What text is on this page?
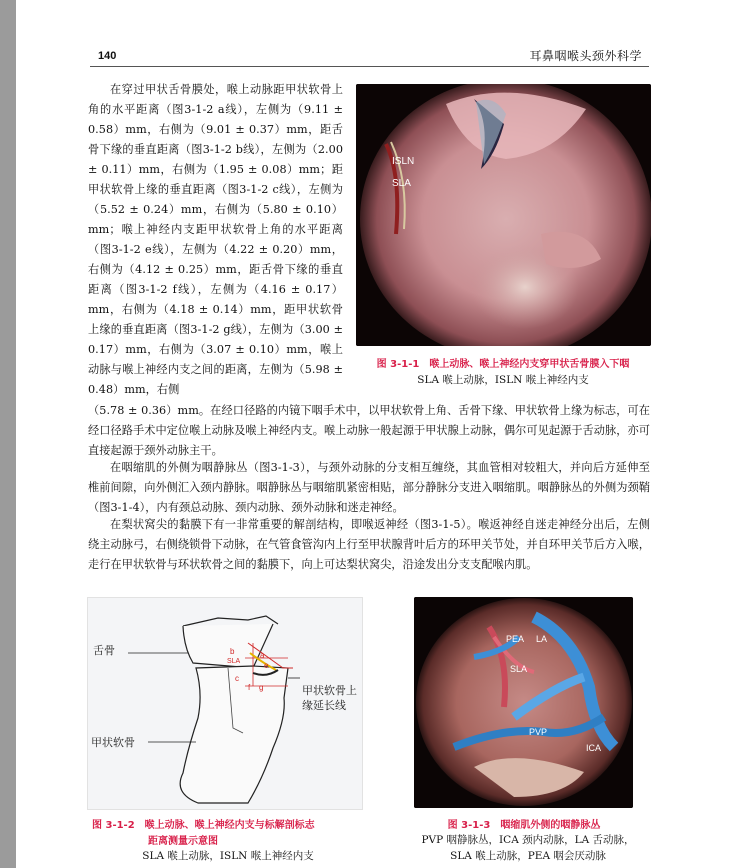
140	耳鼻咽喉头颈外科学

在穿过甲状舌骨膜处，喉上动脉距甲状软骨上角的水平距离（图3-1-2 a线），左侧为（9.11 ± 0.58）mm，右侧为（9.01 ± 0.37）mm，距舌骨下缘的垂直距离（图3-1-2 b线），左侧为（2.00 ± 0.11）mm，右侧为（1.95 ± 0.08）mm；距甲状软骨上缘的垂直距离（图3-1-2 c线），左侧为（5.52 ± 0.24）mm，右侧为（5.80 ± 0.10）mm；喉上神经内支距甲状软骨上角的水平距离（图3-1-2 e线），左侧为（4.22 ± 0.20）mm，右侧为（4.12 ± 0.25）mm，距舌骨下缘的垂直距离（图3-1-2 f线），左侧为（4.16 ± 0.17）mm，右侧为（4.18 ± 0.14）mm，距甲状软骨上缘的垂直距离（图3-1-2 g线），左侧为（3.00 ± 0.17）mm，右侧为（3.07 ± 0.10）mm，喉上动脉与喉上神经内支之间的距离，左侧为（5.98 ± 0.48）mm，右侧

ISLN
SLA
图 3-1-1　喉上动脉、喉上神经内支穿甲状舌骨膜入下咽
SLA 喉上动脉，ISLN 喉上神经内支

（5.78 ± 0.36）mm。在经口径路的内镜下咽手术中，以甲状软骨上角、舌骨下缘、甲状软骨上缘为标志，可在经口径路手术中定位喉上动脉及喉上神经内支。喉上动脉一般起源于甲状腺上动脉，偶尔可见起源于舌动脉，亦可直接起源于颈外动脉主干。

在咽缩肌的外侧为咽静脉丛（图3-1-3），与颈外动脉的分支相互缠绕，其血管相对较粗大，并向后方延伸至椎前间隙，向外侧汇入颈内静脉。咽静脉丛与咽缩肌紧密相贴，部分静脉分支进入咽缩肌。咽静脉丛的外侧为颈鞘（图3-1-4），内有颈总动脉、颈内动脉、颈外动脉和迷走神经。

在梨状窝尖的黏膜下有一非常重要的解剖结构，即喉返神经（图3-1-5）。喉返神经自迷走神经分出后，左侧绕主动脉弓，右侧绕锁骨下动脉，在气管食管沟内上行至甲状腺背叶后方的环甲关节处，并自环甲关节后方入喉，走行在甲状软骨与环状软骨之间的黏膜下，向上可达梨状窝尖，沿途发出分支支配喉内肌。

舌骨
甲状软骨
甲状软骨上
缘延长线
b
SLA
c
a
e
f g
图 3-1-2　喉上动脉、喉上神经内支与标解剖标志
距离测量示意图
SLA 喉上动脉，ISLN 喉上神经内支
PEA LA
SLA
PVP
ICA
图 3-1-3　咽缩肌外侧的咽静脉丛
PVP 咽静脉丛，ICA 颈内动脉，LA 舌动脉，
SLA 喉上动脉，PEA 咽会厌动脉
